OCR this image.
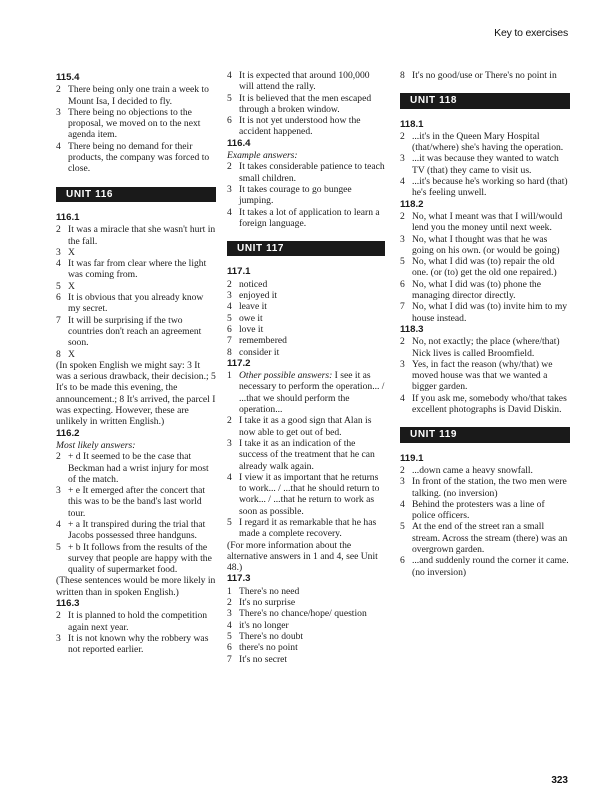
Key to exercises
115.4

2 There being only one train a week to Mount Isa, I decided to fly.

3 There being no objections to the proposal, we moved on to the next agenda item.

4 There being no demand for their products, the company was forced to close.

UNIT 116
116.1

2 It was a miracle that she wasn't hurt in the fall.

3 X

4 It was far from clear where the light was coming from.

5 X

6 It is obvious that you already know my secret.

7 It will be surprising if the two countries don't reach an agreement soon.

8 X

(In spoken English we might say: 3 It was a serious drawback, their decision.; 5 It's to be made this evening, the announcement.; 8 It's arrived, the parcel I was expecting. However, these are unlikely in written English.)

116.2

Most likely answers:

2 + d It seemed to be the case that Beckman had a wrist injury for most of the match.

3 + e It emerged after the concert that this was to be the band's last world tour.

4 + a It transpired during the trial that Jacobs possessed three handguns.

5 + b It follows from the results of the survey that people are happy with the quality of supermarket food.

(These sentences would be more likely in written than in spoken English.)

116.3

2 It is planned to hold the competition again next year.

3 It is not known why the robbery was not reported earlier.

4 It is expected that around 100,000 will attend the rally.

5 It is believed that the men escaped through a broken window.

6 It is not yet understood how the accident happened.

116.4

Example answers:

2 It takes considerable patience to teach small children.

3 It takes courage to go bungee jumping.

4 It takes a lot of application to learn a foreign language.

UNIT 117
117.1

2 noticed

3 enjoyed it

4 leave it

5 owe it

6 love it

7 remembered

8 consider it

117.2

1 Other possible answers: I see it as necessary to perform the operation... / ...that we should perform the operation...

2 I take it as a good sign that Alan is now able to get out of bed.

3 I take it as an indication of the success of the treatment that he can already walk again.

4 I view it as important that he returns to work... / ...that he should return to work... / ...that he return to work as soon as possible.

5 I regard it as remarkable that he has made a complete recovery.

(For more information about the alternative answers in 1 and 4, see Unit 48.)

117.3

1 There's no need

2 It's no surprise

3 There's no chance/hope/ question

4 it's no longer

5 There's no doubt

6 there's no point

7 It's no secret

8 It's no good/use or There's no point in

UNIT 118
118.1

2 ...it's in the Queen Mary Hospital (that/where) she's having the operation.

3 ...it was because they wanted to watch TV (that) they came to visit us.

4 ...it's because he's working so hard (that) he's feeling unwell.

118.2

2 No, what I meant was that I will/would lend you the money until next week.

3 No, what I thought was that he was going on his own. (or would be going)

5 No, what I did was (to) repair the old one. (or (to) get the old one repaired.)

6 No, what I did was (to) phone the managing director directly.

7 No, what I did was (to) invite him to my house instead.

118.3

2 No, not exactly; the place (where/that) Nick lives is called Broomfield.

3 Yes, in fact the reason (why/that) we moved house was that we wanted a bigger garden.

4 If you ask me, somebody who/that takes excellent photographs is David Diskin.

UNIT 119
119.1

2 ...down came a heavy snowfall.

3 In front of the station, the two men were talking. (no inversion)

4 Behind the protesters was a line of police officers.

5 At the end of the street ran a small stream. Across the stream (there) was an overgrown garden.

6 ...and suddenly round the corner it came. (no inversion)

323
